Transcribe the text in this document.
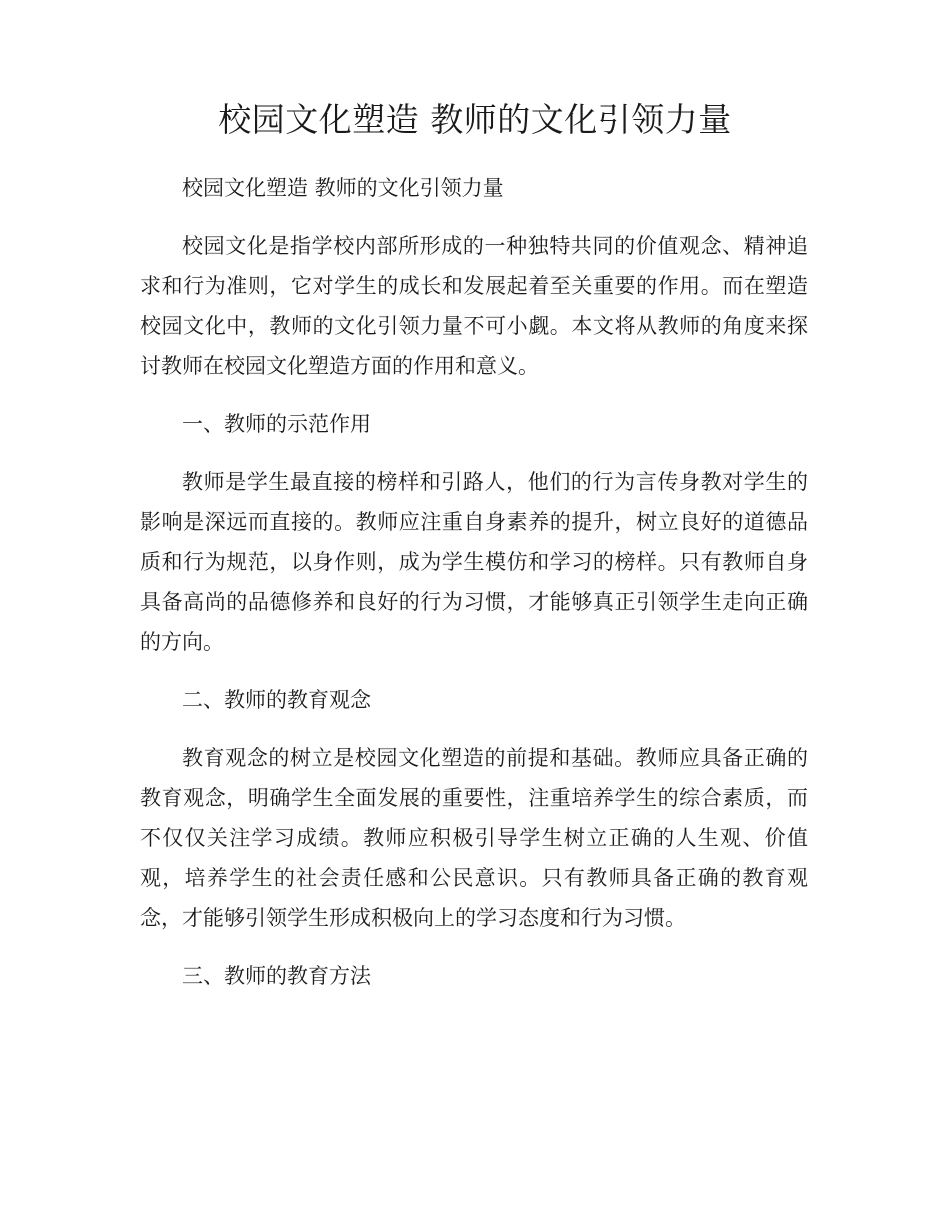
校园文化塑造 教师的文化引领力量

校园文化塑造 教师的文化引领力量

校园文化是指学校内部所形成的一种独特共同的价值观念、精神追求和行为准则，它对学生的成长和发展起着至关重要的作用。而在塑造校园文化中，教师的文化引领力量不可小觑。本文将从教师的角度来探讨教师在校园文化塑造方面的作用和意义。

一、教师的示范作用

教师是学生最直接的榜样和引路人，他们的行为言传身教对学生的影响是深远而直接的。教师应注重自身素养的提升，树立良好的道德品质和行为规范，以身作则，成为学生模仿和学习的榜样。只有教师自身具备高尚的品德修养和良好的行为习惯，才能够真正引领学生走向正确的方向。

二、教师的教育观念

教育观念的树立是校园文化塑造的前提和基础。教师应具备正确的教育观念，明确学生全面发展的重要性，注重培养学生的综合素质，而不仅仅关注学习成绩。教师应积极引导学生树立正确的人生观、价值观，培养学生的社会责任感和公民意识。只有教师具备正确的教育观念，才能够引领学生形成积极向上的学习态度和行为习惯。

三、教师的教育方法
